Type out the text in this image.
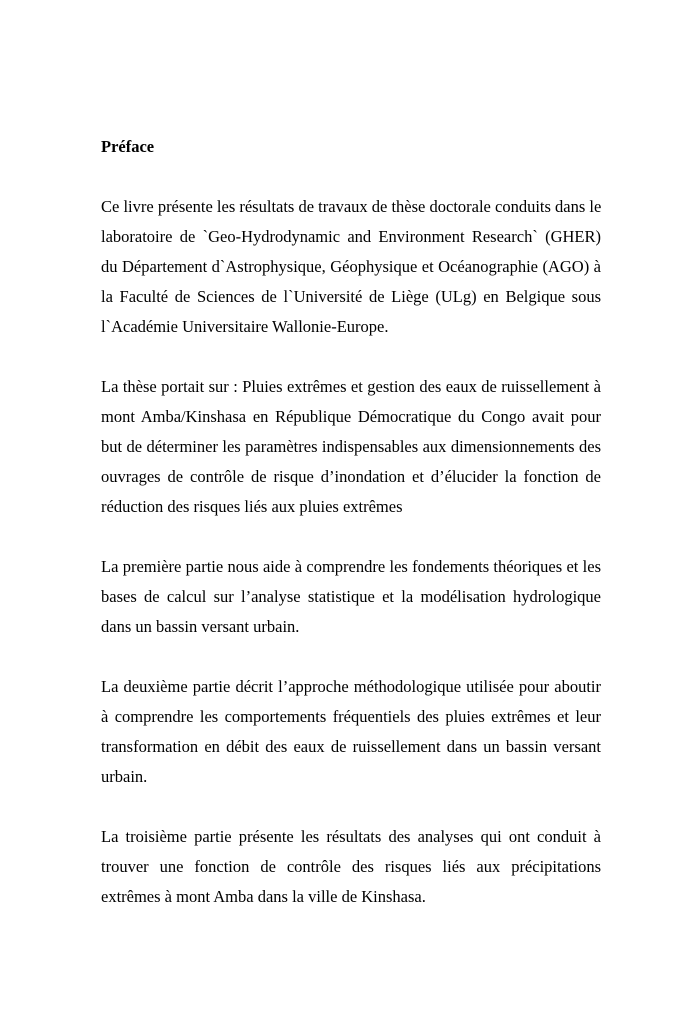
Préface
Ce livre présente les résultats de travaux de thèse doctorale conduits dans le
laboratoire de `Geo-Hydrodynamic and Environment Research` (GHER)
du Département d`Astrophysique, Géophysique et Océanographie (AGO) à
la Faculté de Sciences de l`Université de Liège (ULg) en Belgique sous
l`Académie Universitaire Wallonie-Europe.
La thèse portait sur : Pluies extrêmes et gestion des eaux de ruissellement à
mont Amba/Kinshasa en République Démocratique du Congo avait pour
but de déterminer les paramètres indispensables aux dimensionnements des
ouvrages de contrôle de risque d’inondation et d’élucider la fonction de
réduction des risques liés aux pluies extrêmes
La première partie nous aide à comprendre les fondements théoriques et les
bases de calcul sur l’analyse statistique et la modélisation hydrologique
dans un bassin versant urbain.
La deuxième partie décrit l’approche méthodologique utilisée pour aboutir
à comprendre les comportements fréquentiels des pluies extrêmes et leur
transformation en débit des eaux de ruissellement dans un bassin versant
urbain.
La troisième partie présente les résultats des analyses qui ont conduit à
trouver une fonction de contrôle des risques liés aux précipitations
extrêmes à mont Amba dans la ville de Kinshasa.
